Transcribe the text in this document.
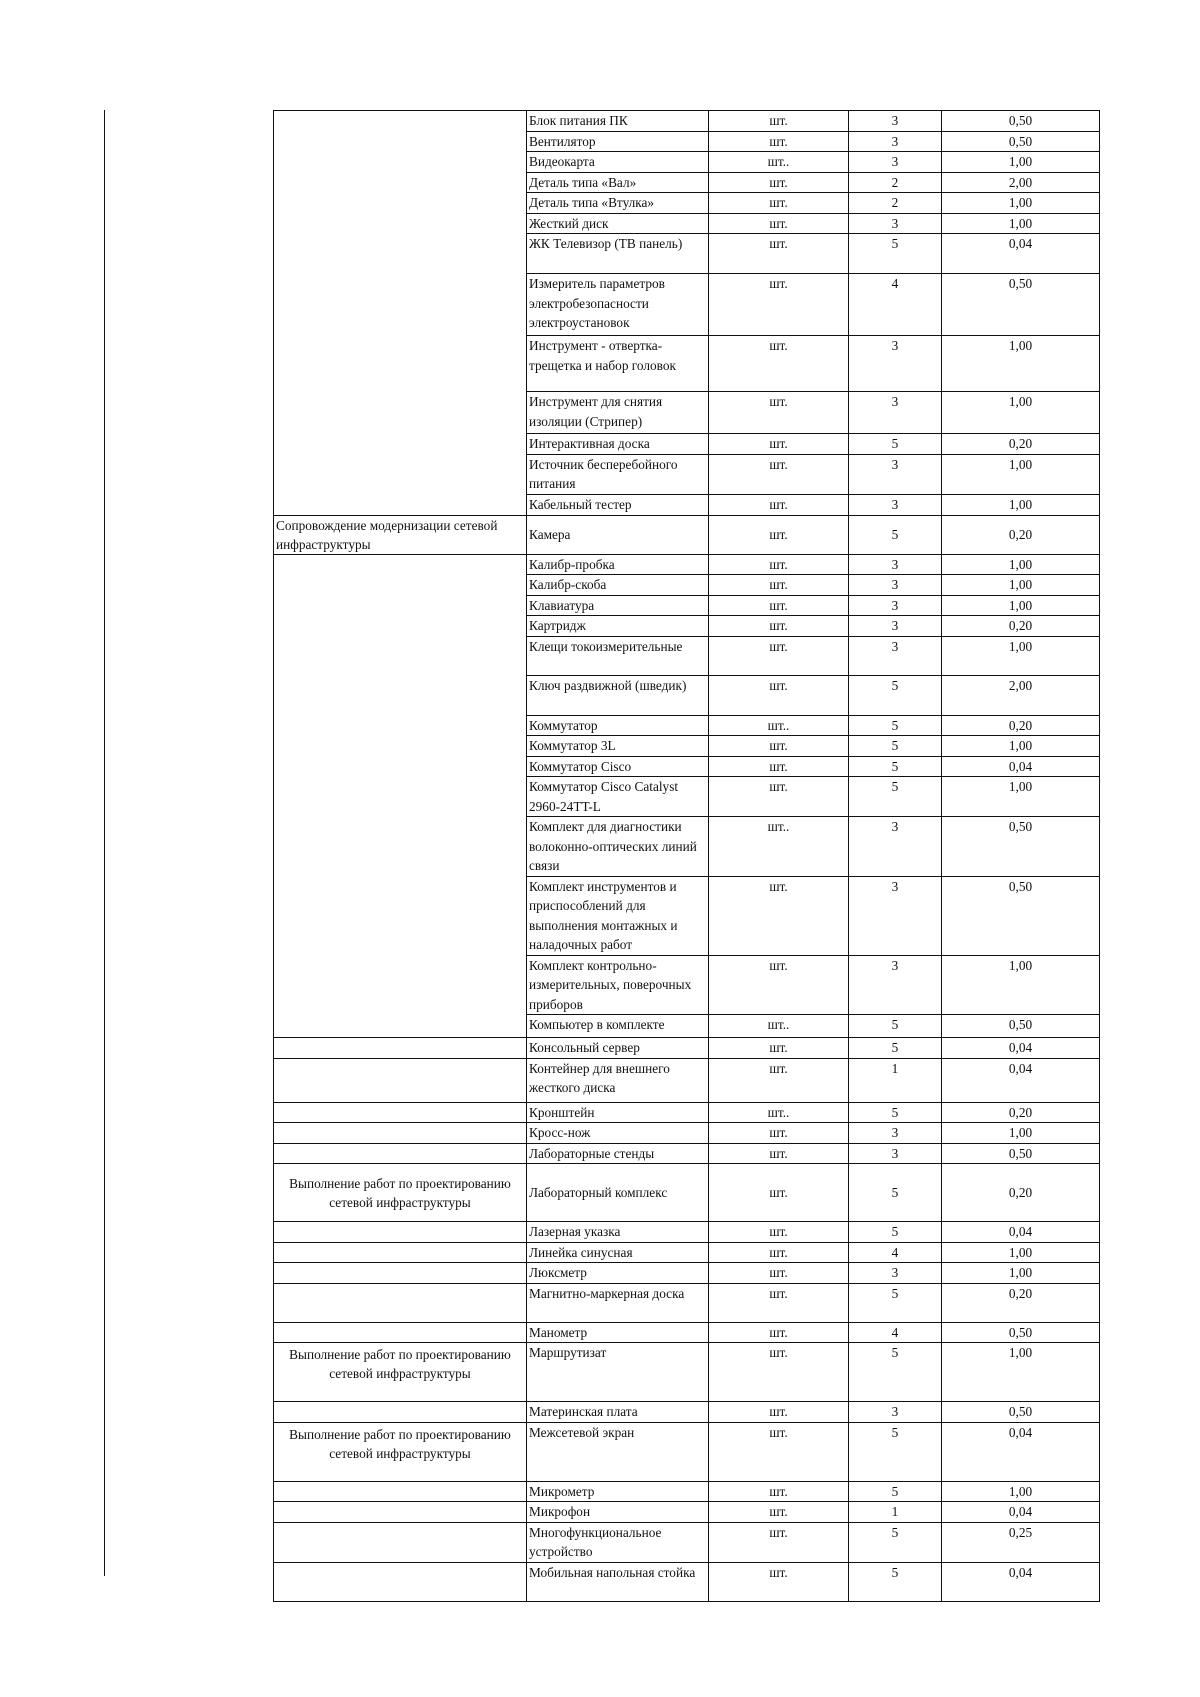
	Блок питания ПК	шт.	3	0,50
	Вентилятор	шт.	3	0,50
	Видеокарта	шт..	3	1,00
	Деталь типа «Вал»	шт.	2	2,00
	Деталь типа «Втулка»	шт.	2	1,00
	Жесткий диск	шт.	3	1,00
	ЖК Телевизор (ТВ панель)	шт.	5	0,04
	Измеритель параметров электробезопасности электроустановок	шт.	4	0,50
	Инструмент - отвертка-трещетка и набор головок	шт.	3	1,00
	Инструмент для снятия изоляции (Стрипер)	шт.	3	1,00
	Интерактивная доска	шт.	5	0,20
	Источник бесперебойного питания	шт.	3	1,00
	Кабельный тестер	шт.	3	1,00
Сопровождение модернизации сетевой инфраструктуры	Камера	шт.	5	0,20
	Калибр-пробка	шт.	3	1,00
	Калибр-скоба	шт.	3	1,00
	Клавиатура	шт.	3	1,00
	Картридж	шт.	3	0,20
	Клещи токоизмерительные	шт.	3	1,00
	Ключ раздвижной (шведик)	шт.	5	2,00
	Коммутатор	шт..	5	0,20
	Коммутатор 3L	шт.	5	1,00
	Коммутатор Cisco	шт.	5	0,04
	Коммутатор Cisco Catalyst 2960-24TT-L	шт.	5	1,00
	Комплект для диагностики волоконно-оптических линий связи	шт..	3	0,50
	Комплект инструментов и приспособлений для выполнения монтажных и наладочных работ	шт.	3	0,50
	Комплект контрольно-измерительных, поверочных приборов	шт.	3	1,00
	Компьютер в комплекте	шт..	5	0,50
	Консольный сервер	шт.	5	0,04
	Контейнер для внешнего жесткого диска	шт.	1	0,04
	Кронштейн	шт..	5	0,20
	Кросс-нож	шт.	3	1,00
	Лабораторные стенды	шт.	3	0,50
Выполнение работ по проектированию сетевой инфраструктуры	Лабораторный комплекс	шт.	5	0,20
	Лазерная указка	шт.	5	0,04
	Линейка синусная	шт.	4	1,00
	Люксметр	шт.	3	1,00
	Магнитно-маркерная доска	шт.	5	0,20
	Манометр	шт.	4	0,50
Выполнение работ по проектированию сетевой инфраструктуры	Маршрутизат	шт.	5	1,00
	Материнская плата	шт.	3	0,50
Выполнение работ по проектированию сетевой инфраструктуры	Межсетевой экран	шт.	5	0,04
	Микрометр	шт.	5	1,00
	Микрофон	шт.	1	0,04
	Многофункциональное устройство	шт.	5	0,25
	Мобильная напольная стойка	шт.	5	0,04
